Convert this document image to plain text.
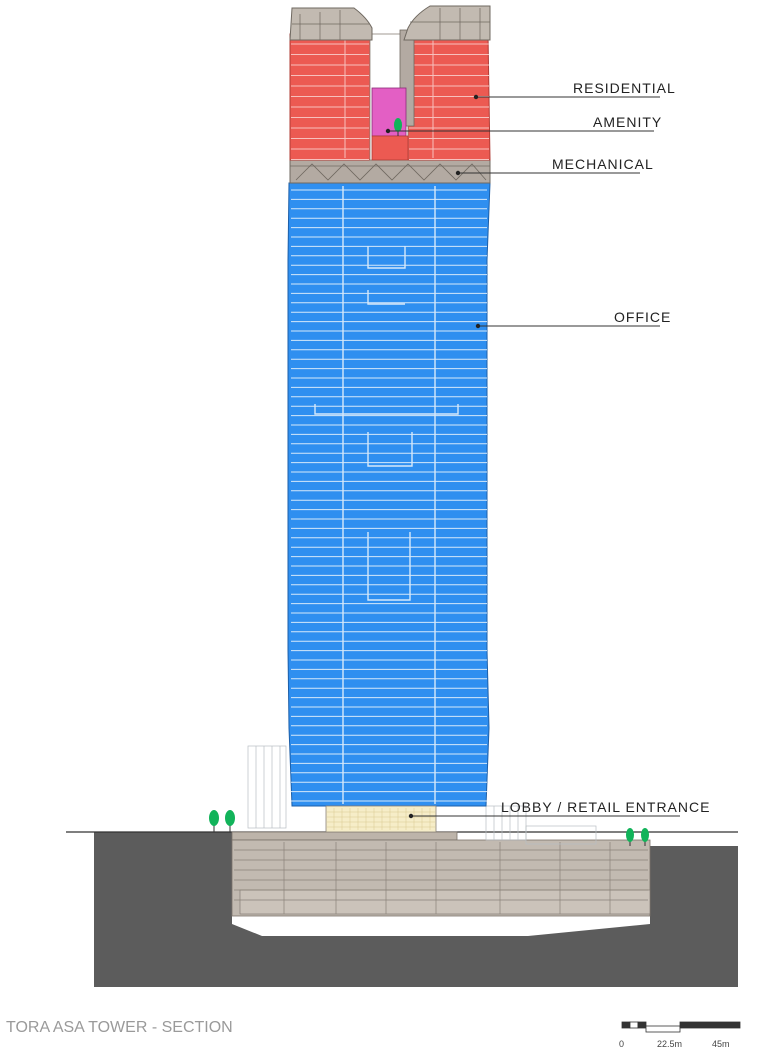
RESIDENTIAL
AMENITY
MECHANICAL
OFFICE
LOBBY / RETAIL ENTRANCE
TORA ASA TOWER - SECTION
0	22.5m	45m
